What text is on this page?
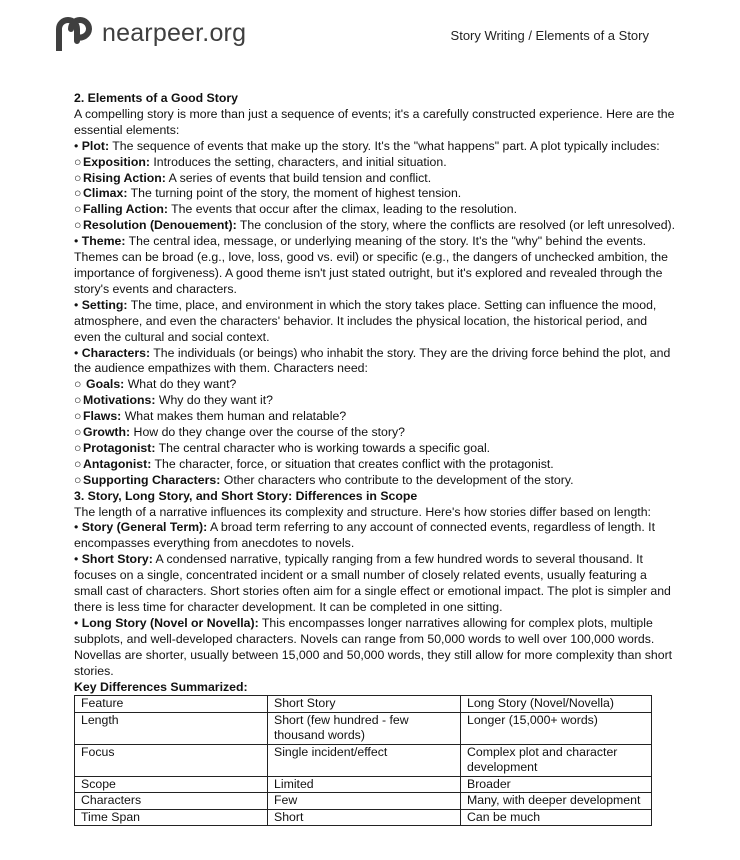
nearpeer.org	Story Writing / Elements of a Story

2. Elements of a Good Story

A compelling story is more than just a sequence of events; it's a carefully constructed experience. Here are the essential elements:

• Plot: The sequence of events that make up the story. It's the "what happens" part. A plot typically includes:

○ Exposition: Introduces the setting, characters, and initial situation.

○ Rising Action: A series of events that build tension and conflict.

○ Climax: The turning point of the story, the moment of highest tension.

○ Falling Action: The events that occur after the climax, leading to the resolution.

○ Resolution (Denouement): The conclusion of the story, where the conflicts are resolved (or left unresolved).

• Theme: The central idea, message, or underlying meaning of the story. It's the "why" behind the events. Themes can be broad (e.g., love, loss, good vs. evil) or specific (e.g., the dangers of unchecked ambition, the importance of forgiveness). A good theme isn't just stated outright, but it's explored and revealed through the story's events and characters.

• Setting: The time, place, and environment in which the story takes place. Setting can influence the mood, atmosphere, and even the characters' behavior. It includes the physical location, the historical period, and even the cultural and social context.

• Characters: The individuals (or beings) who inhabit the story. They are the driving force behind the plot, and the audience empathizes with them. Characters need:

○ Goals: What do they want?

○ Motivations: Why do they want it?

○ Flaws: What makes them human and relatable?

○ Growth: How do they change over the course of the story?

○ Protagonist: The central character who is working towards a specific goal.

○ Antagonist: The character, force, or situation that creates conflict with the protagonist.

○ Supporting Characters: Other characters who contribute to the development of the story.

3. Story, Long Story, and Short Story: Differences in Scope

The length of a narrative influences its complexity and structure. Here's how stories differ based on length:

• Story (General Term): A broad term referring to any account of connected events, regardless of length. It encompasses everything from anecdotes to novels.

• Short Story: A condensed narrative, typically ranging from a few hundred words to several thousand. It focuses on a single, concentrated incident or a small number of closely related events, usually featuring a small cast of characters. Short stories often aim for a single effect or emotional impact. The plot is simpler and there is less time for character development. It can be completed in one sitting.

• Long Story (Novel or Novella): This encompasses longer narratives allowing for complex plots, multiple subplots, and well-developed characters. Novels can range from 50,000 words to well over 100,000 words. Novellas are shorter, usually between 15,000 and 50,000 words, they still allow for more complexity than short stories.

Key Differences Summarized:

Feature	Short Story	Long Story (Novel/Novella)
Length	Short (few hundred - few thousand words)	Longer (15,000+ words)
Focus	Single incident/effect	Complex plot and character development
Scope	Limited	Broader
Characters	Few	Many, with deeper development
Time Span	Short	Can be much
